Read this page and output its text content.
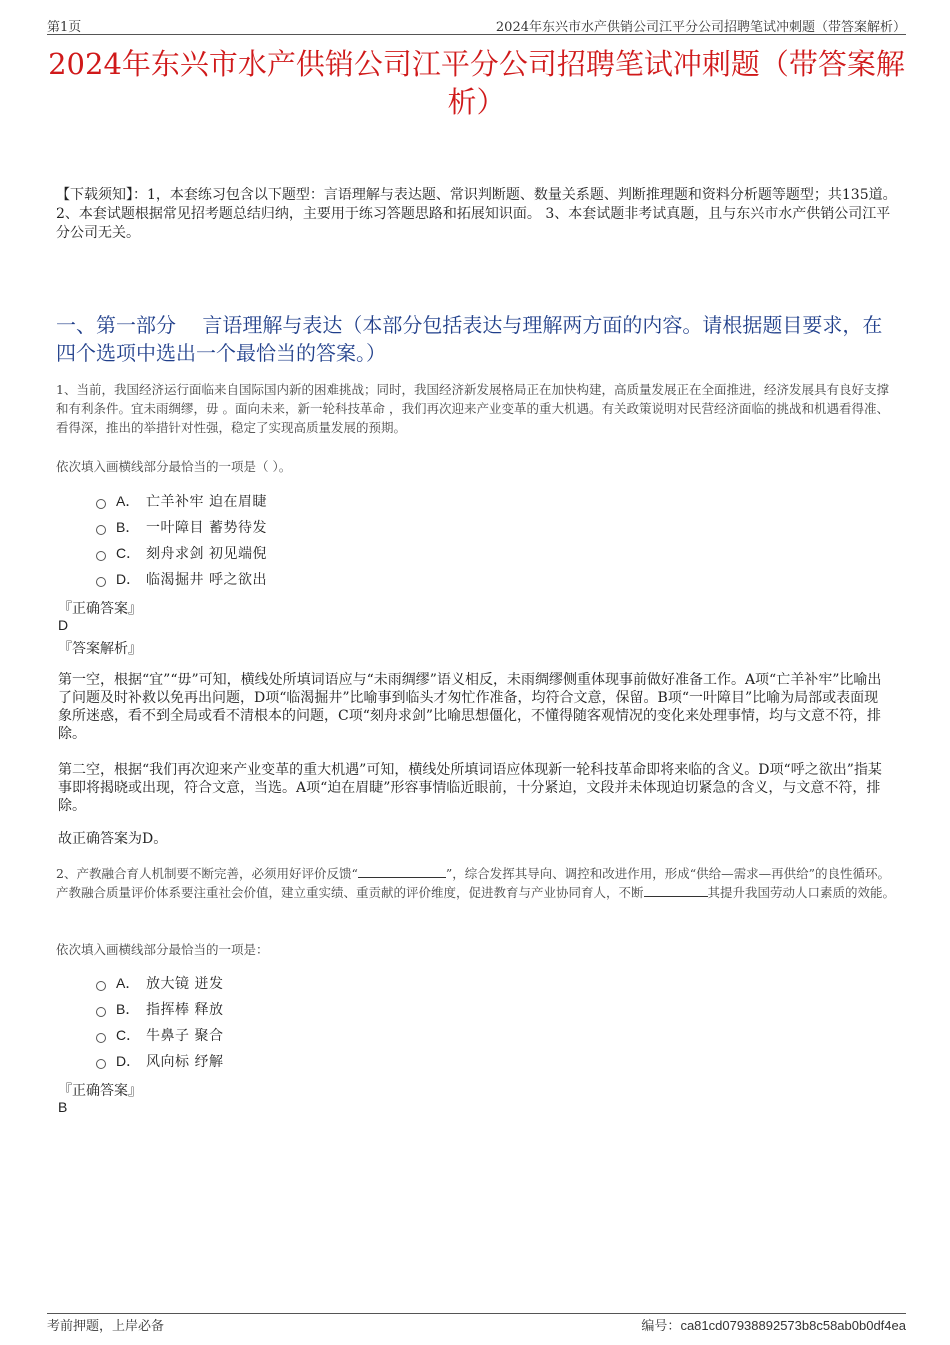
第1页	2024年东兴市水产供销公司江平分公司招聘笔试冲刺题（带答案解析）
2024年东兴市水产供销公司江平分公司招聘笔试冲刺题（带答案解析）

【下载须知】：1，本套练习包含以下题型：言语理解与表达题、常识判断题、数量关系题、判断推理题和资料分析题等题型；共135道。 2、本套试题根据常见招考题总结归纳，主要用于练习答题思路和拓展知识面。 3、本套试题非考试真题，且与东兴市水产供销公司江平分公司无关。

一、第一部分　 言语理解与表达（本部分包括表达与理解两方面的内容。请根据题目要求，在四个选项中选出一个最恰当的答案。）

1、当前，我国经济运行面临来自国际国内新的困难挑战；同时，我国经济新发展格局正在加快构建，高质量发展正在全面推进，经济发展具有良好支撑和有利条件。宜未雨绸缪，毋 。面向未来，新一轮科技革命 ，我们再次迎来产业变革的重大机遇。有关政策说明对民营经济面临的挑战和机遇看得准、看得深，推出的举措针对性强，稳定了实现高质量发展的预期。

依次填入画横线部分最恰当的一项是（ ）。

A． 亡羊补牢 迫在眉睫
B． 一叶障目 蓄势待发
C． 刻舟求剑 初见端倪
D． 临渴掘井 呼之欲出

『正确答案』

D

『答案解析』

第一空，根据“宜”“毋”可知，横线处所填词语应与“未雨绸缪”语义相反，未雨绸缪侧重体现事前做好准备工作。A项“亡羊补牢”比喻出了问题及时补救以免再出问题，D项“临渴掘井”比喻事到临头才匆忙作准备，均符合文意，保留。B项“一叶障目”比喻为局部或表面现象所迷惑，看不到全局或看不清根本的问题，C项“刻舟求剑”比喻思想僵化，不懂得随客观情况的变化来处理事情，均与文意不符，排除。

第二空，根据“我们再次迎来产业变革的重大机遇”可知，横线处所填词语应体现新一轮科技革命即将来临的含义。D项“呼之欲出”指某事即将揭晓或出现，符合文意，当选。A项“迫在眉睫”形容事情临近眼前，十分紧迫，文段并未体现迫切紧急的含义，与文意不符，排除。

故正确答案为D。

2、产教融合育人机制要不断完善，必须用好评价反馈“	”，综合发挥其导向、调控和改进作用，形成“供给—需求—再供给”的良性循环。产教融合质量评价体系要注重社会价值，建立重实绩、重贡献的评价维度，促进教育与产业协同育人，不断	其提升我国劳动人口素质的效能。

依次填入画横线部分最恰当的一项是：

A． 放大镜 迸发
B． 指挥棒 释放
C． 牛鼻子 聚合
D． 风向标 纾解

『正确答案』

B

考前押题，上岸必备	编号：ca81cd07938892573b8c58ab0b0df4ea
